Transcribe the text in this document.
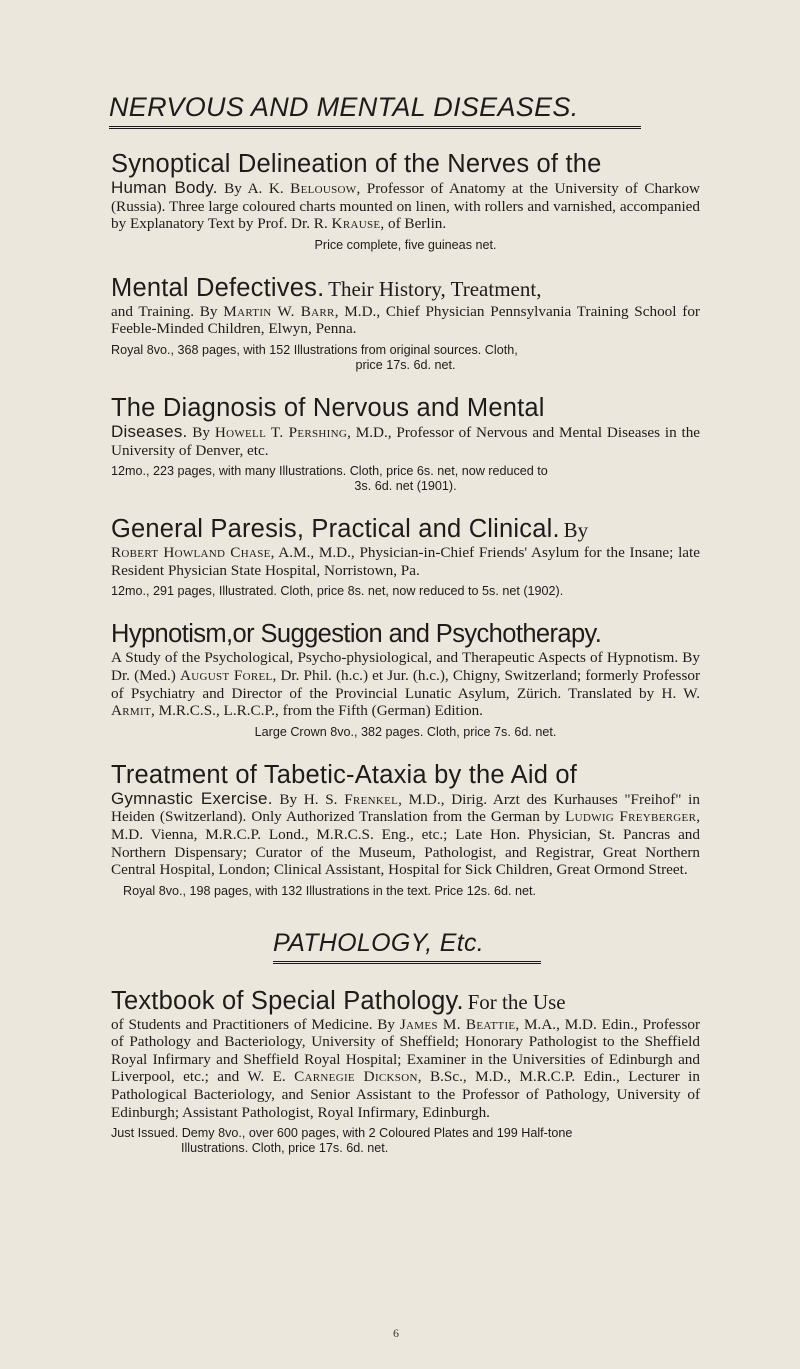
NERVOUS AND MENTAL DISEASES.

Synoptical Delineation of the Nerves of the
Human Body. By A. K. Belousow, Professor of Anatomy at the University of Charkow (Russia). Three large coloured charts mounted on linen, with rollers and varnished, accompanied by Explanatory Text by Prof. Dr. R. Krause, of Berlin.

Price complete, five guineas net.

Mental Defectives. Their History, Treatment,
and Training. By Martin W. Barr, M.D., Chief Physician Pennsylvania Training School for Feeble-Minded Children, Elwyn, Penna.

Royal 8vo., 368 pages, with 152 Illustrations from original sources. Cloth,

price 17s. 6d. net.

The Diagnosis of Nervous and Mental
Diseases. By Howell T. Pershing, M.D., Professor of Nervous and Mental Diseases in the University of Denver, etc.

12mo., 223 pages, with many Illustrations. Cloth, price 6s. net, now reduced to

3s. 6d. net (1901).

General Paresis, Practical and Clinical. By
Robert Howland Chase, A.M., M.D., Physician-in-Chief Friends' Asylum for the Insane; late Resident Physician State Hospital, Norristown, Pa.

12mo., 291 pages, Illustrated. Cloth, price 8s. net, now reduced to 5s. net (1902).

Hypnotism,or Suggestion and Psychotherapy.
A Study of the Psychological, Psycho-physiological, and Therapeutic Aspects of Hypnotism. By Dr. (Med.) August Forel, Dr. Phil. (h.c.) et Jur. (h.c.), Chigny, Switzerland; formerly Professor of Psychiatry and Director of the Provincial Lunatic Asylum, Zürich. Translated by H. W. Armit, M.R.C.S., L.R.C.P., from the Fifth (German) Edition.

Large Crown 8vo., 382 pages. Cloth, price 7s. 6d. net.

Treatment of Tabetic-Ataxia by the Aid of
Gymnastic Exercise. By H. S. Frenkel, M.D., Dirig. Arzt des Kurhauses "Freihof" in Heiden (Switzerland). Only Authorized Translation from the German by Ludwig Freyberger, M.D. Vienna, M.R.C.P. Lond., M.R.C.S. Eng., etc.; Late Hon. Physician, St. Pancras and Northern Dispensary; Curator of the Museum, Pathologist, and Registrar, Great Northern Central Hospital, London; Clinical Assistant, Hospital for Sick Children, Great Ormond Street.

Royal 8vo., 198 pages, with 132 Illustrations in the text. Price 12s. 6d. net.

PATHOLOGY, Etc.

Textbook of Special Pathology. For the Use
of Students and Practitioners of Medicine. By James M. Beattie, M.A., M.D. Edin., Professor of Pathology and Bacteriology, University of Sheffield; Honorary Pathologist to the Sheffield Royal Infirmary and Sheffield Royal Hospital; Examiner in the Universities of Edinburgh and Liverpool, etc.; and W. E. Carnegie Dickson, B.Sc., M.D., M.R.C.P. Edin., Lecturer in Pathological Bacteriology, and Senior Assistant to the Professor of Pathology, University of Edinburgh; Assistant Pathologist, Royal Infirmary, Edinburgh.

Just Issued. Demy 8vo., over 600 pages, with 2 Coloured Plates and 199 Half-tone

Illustrations. Cloth, price 17s. 6d. net.

6
